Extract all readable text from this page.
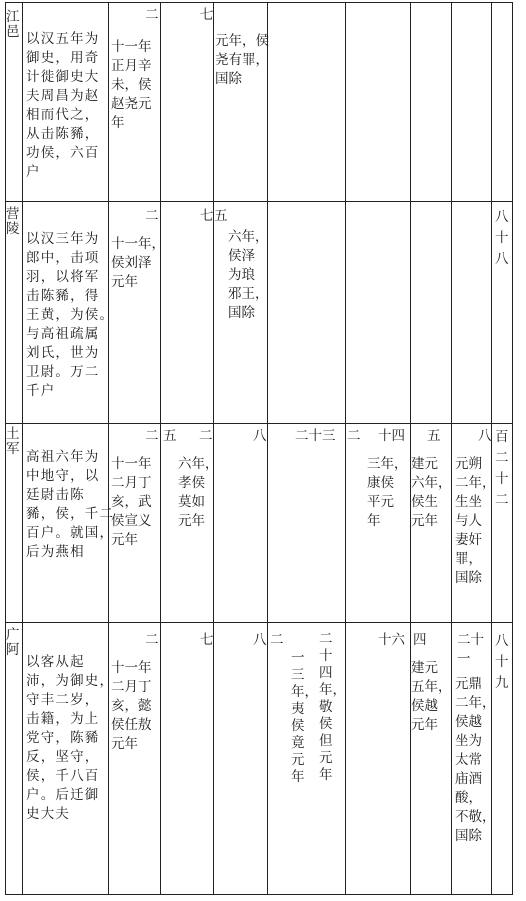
江
邑 以汉五年为
御史，用奇
计徙御史大
夫周昌为赵
相而代之，
从击陈豨，
功侯，六百
户
二
十一年
正月辛
未，侯
赵尧元
年
七
元年，侯
尧有罪，
国除
营
陵
以汉三年为
郎中，击项
羽，以将军
击陈豨，得
王黄，为侯。
与高祖疏属
刘氏，世为
卫尉。万二
千户
二
十一年，
侯刘泽
元年
七 五
六年，
侯泽
为琅
邪王，
国除
八
十
八
土
军 高祖六年为
中地守，以
廷尉击陈
豨，侯，千二
百户。就国，
后为燕相
二
十一年
二月丁
亥，武
侯宣义
元年
五 二
六年，
孝侯
莫如
元年
八 二十三 二 十四
三年，
康侯
平元
年
五
建元
六年，
侯生
元年
八
元朔
二年，
生坐
与人
妻奸
罪，
国除
百
二
十
二
广
阿
以客从起
沛，为御史，
守丰二岁，
击籍，为上
党守，陈豨
反，坚守，
侯，千八百
户。后迁御
史大夫
二
十一年
二月丁
亥，懿
侯任敖
元年
七	八 二
一
三
年，
夷
侯
竟
元
年
二
十
四
年，
敬
侯
但
元
年
十六 四
建元
五年，
侯越
元年
二十
一
元鼎
二年，
侯越
坐为
太常
庙酒
酸，
不敬，
国除
八
十
九
